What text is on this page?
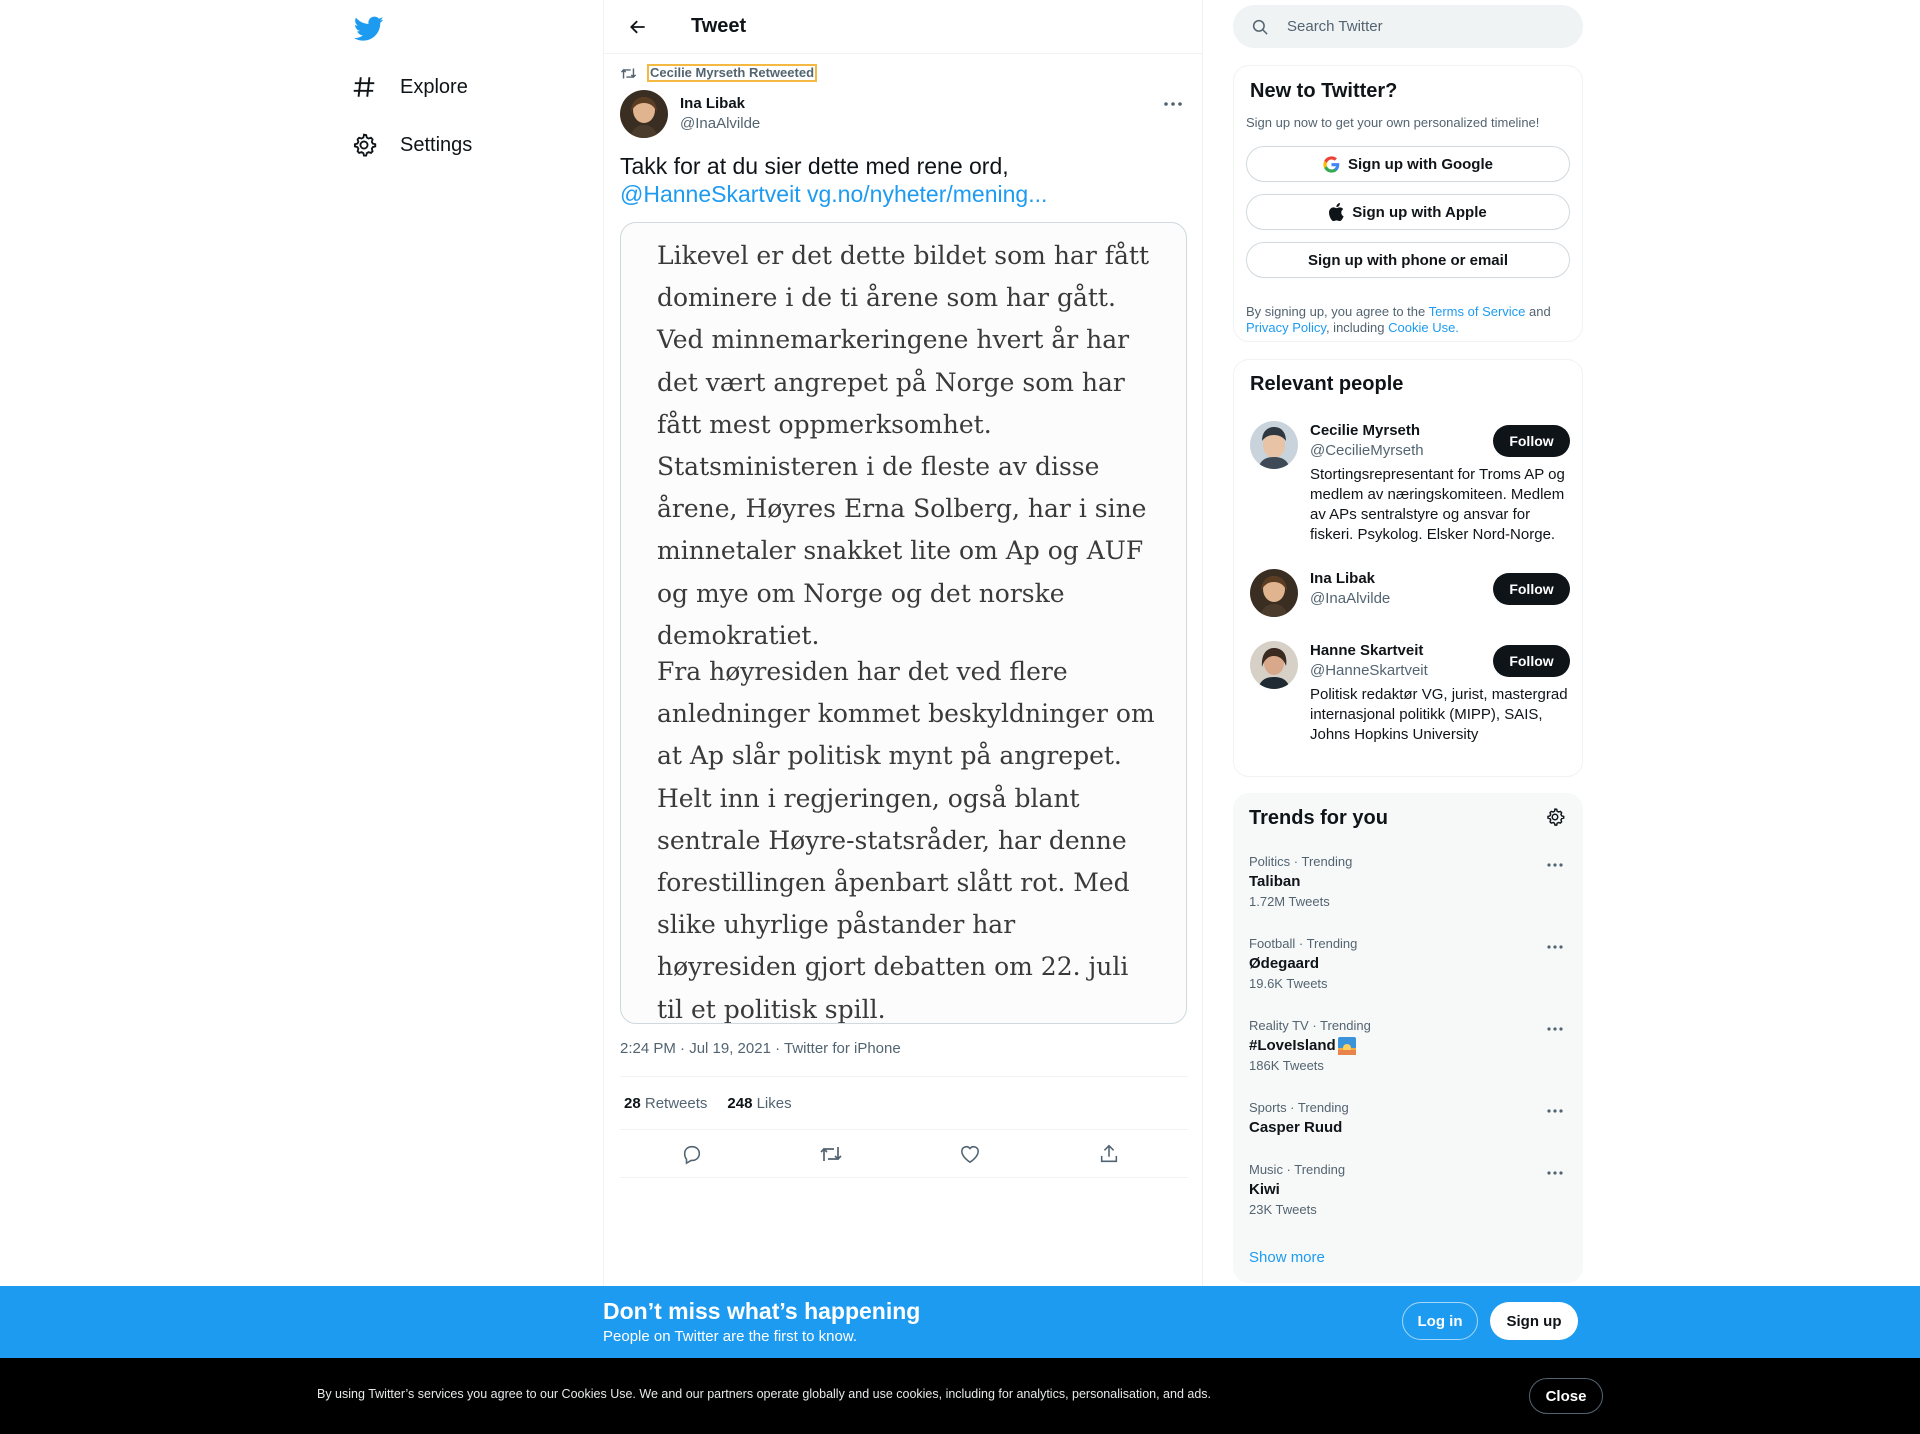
Explore
Settings
Tweet
Cecilie Myrseth Retweeted
Ina Libak
@InaAlvilde
Takk for at du sier dette med rene ord,
@HanneSkartveit vg.no/nyheter/mening...
Likevel er det dette bildet som har fått dominere i de ti årene som har gått. Ved minnemarkeringene hvert år har det vært angrepet på Norge som har fått mest oppmerksomhet. Statsministeren i de fleste av disse årene, Høyres Erna Solberg, har i sine minnetaler snakket lite om Ap og AUF og mye om Norge og det norske demokratiet.
Fra høyresiden har det ved flere anledninger kommet beskyldninger om at Ap slår politisk mynt på angrepet. Helt inn i regjeringen, også blant sentrale Høyre-statsråder, har denne forestillingen åpenbart slått rot. Med slike uhyrlige påstander har høyresiden gjort debatten om 22. juli til et politisk spill.
2:24 PM · Jul 19, 2021 · Twitter for iPhone
28 Retweets 248 Likes
Search Twitter
New to Twitter?
Sign up now to get your own personalized timeline!
Sign up with Google
Sign up with Apple
Sign up with phone or email
By signing up, you agree to the Terms of Service and
Privacy Policy, including Cookie Use.
Relevant people
Cecilie Myrseth
@CecilieMyrseth
Stortingsrepresentant for Troms AP og medlem av næringskomiteen. Medlem av APs sentralstyre og ansvar for fiskeri. Psykolog. Elsker Nord-Norge.
Follow
Ina Libak
@InaAlvilde
Follow
Hanne Skartveit
@HanneSkartveit
Politisk redaktør VG, jurist, mastergrad internasjonal politikk (MIPP), SAIS, Johns Hopkins University
Follow
Trends for you
Politics · Trending
Taliban
1.72M Tweets
Football · Trending
Ødegaard
19.6K Tweets
Reality TV · Trending
#LoveIsland
186K Tweets
Sports · Trending
Casper Ruud
Music · Trending
Kiwi
23K Tweets
Show more
Don’t miss what’s happening
People on Twitter are the first to know.
Log in	Sign up
By using Twitter’s services you agree to our Cookies Use. We and our partners operate globally and use cookies, including for analytics, personalisation, and ads.	Close
